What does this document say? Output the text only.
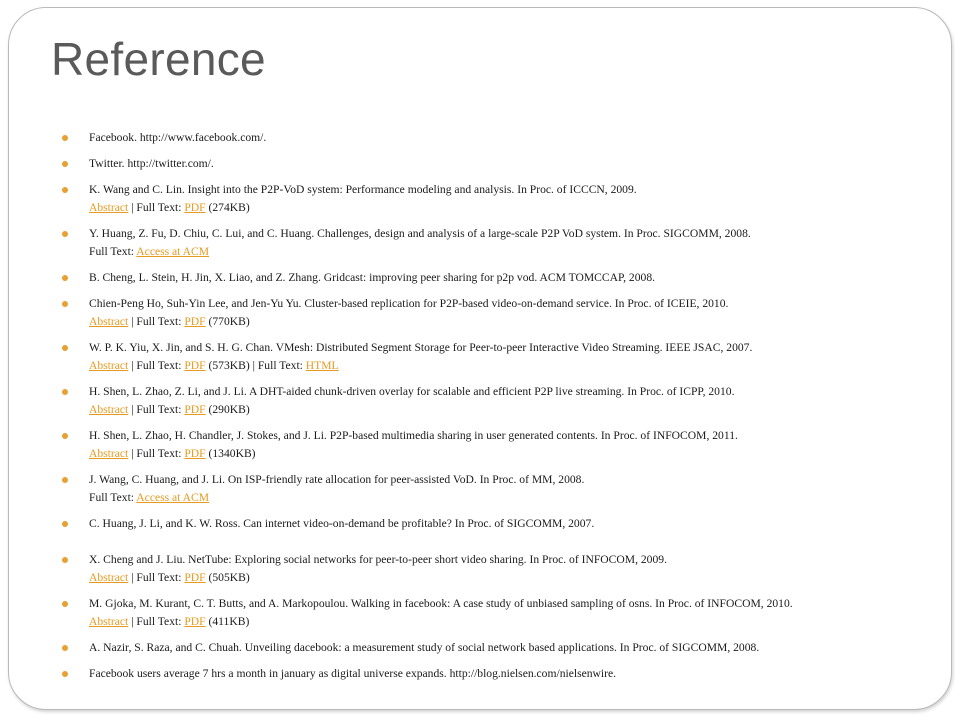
Reference
Facebook. http://www.facebook.com/.
Twitter. http://twitter.com/.
K. Wang and C. Lin. Insight into the P2P-VoD system: Performance modeling and analysis. In Proc. of ICCCN, 2009.
Abstract | Full Text: PDF (274KB)
Y. Huang, Z. Fu, D. Chiu, C. Lui, and C. Huang. Challenges, design and analysis of a large-scale P2P VoD system. In Proc. SIGCOMM, 2008.
Full Text: Access at ACM
B. Cheng, L. Stein, H. Jin, X. Liao, and Z. Zhang. Gridcast: improving peer sharing for p2p vod. ACM TOMCCAP, 2008.
Chien-Peng Ho, Suh-Yin Lee, and Jen-Yu Yu. Cluster-based replication for P2P-based video-on-demand service. In Proc. of ICEIE, 2010.
Abstract | Full Text: PDF (770KB)
W. P. K. Yiu, X. Jin, and S. H. G. Chan. VMesh: Distributed Segment Storage for Peer-to-peer Interactive Video Streaming. IEEE JSAC, 2007.
Abstract | Full Text: PDF (573KB) | Full Text: HTML
H. Shen, L. Zhao, Z. Li, and J. Li. A DHT-aided chunk-driven overlay for scalable and efficient P2P live streaming. In Proc. of ICPP, 2010.
Abstract | Full Text: PDF (290KB)
H. Shen, L. Zhao, H. Chandler, J. Stokes, and J. Li. P2P-based multimedia sharing in user generated contents. In Proc. of INFOCOM, 2011.
Abstract | Full Text: PDF (1340KB)
J. Wang, C. Huang, and J. Li. On ISP-friendly rate allocation for peer-assisted VoD. In Proc. of MM, 2008.
Full Text: Access at ACM
C. Huang, J. Li, and K. W. Ross. Can internet video-on-demand be profitable? In Proc. of SIGCOMM, 2007.
X. Cheng and J. Liu. NetTube: Exploring social networks for peer-to-peer short video sharing. In Proc. of INFOCOM, 2009.
Abstract | Full Text: PDF (505KB)
M. Gjoka, M. Kurant, C. T. Butts, and A. Markopoulou. Walking in facebook: A case study of unbiased sampling of osns. In Proc. of INFOCOM, 2010.
Abstract | Full Text: PDF (411KB)
A. Nazir, S. Raza, and C. Chuah. Unveiling dacebook: a measurement study of social network based applications. In Proc. of SIGCOMM, 2008.
Facebook users average 7 hrs a month in january as digital universe expands. http://blog.nielsen.com/nielsenwire.
